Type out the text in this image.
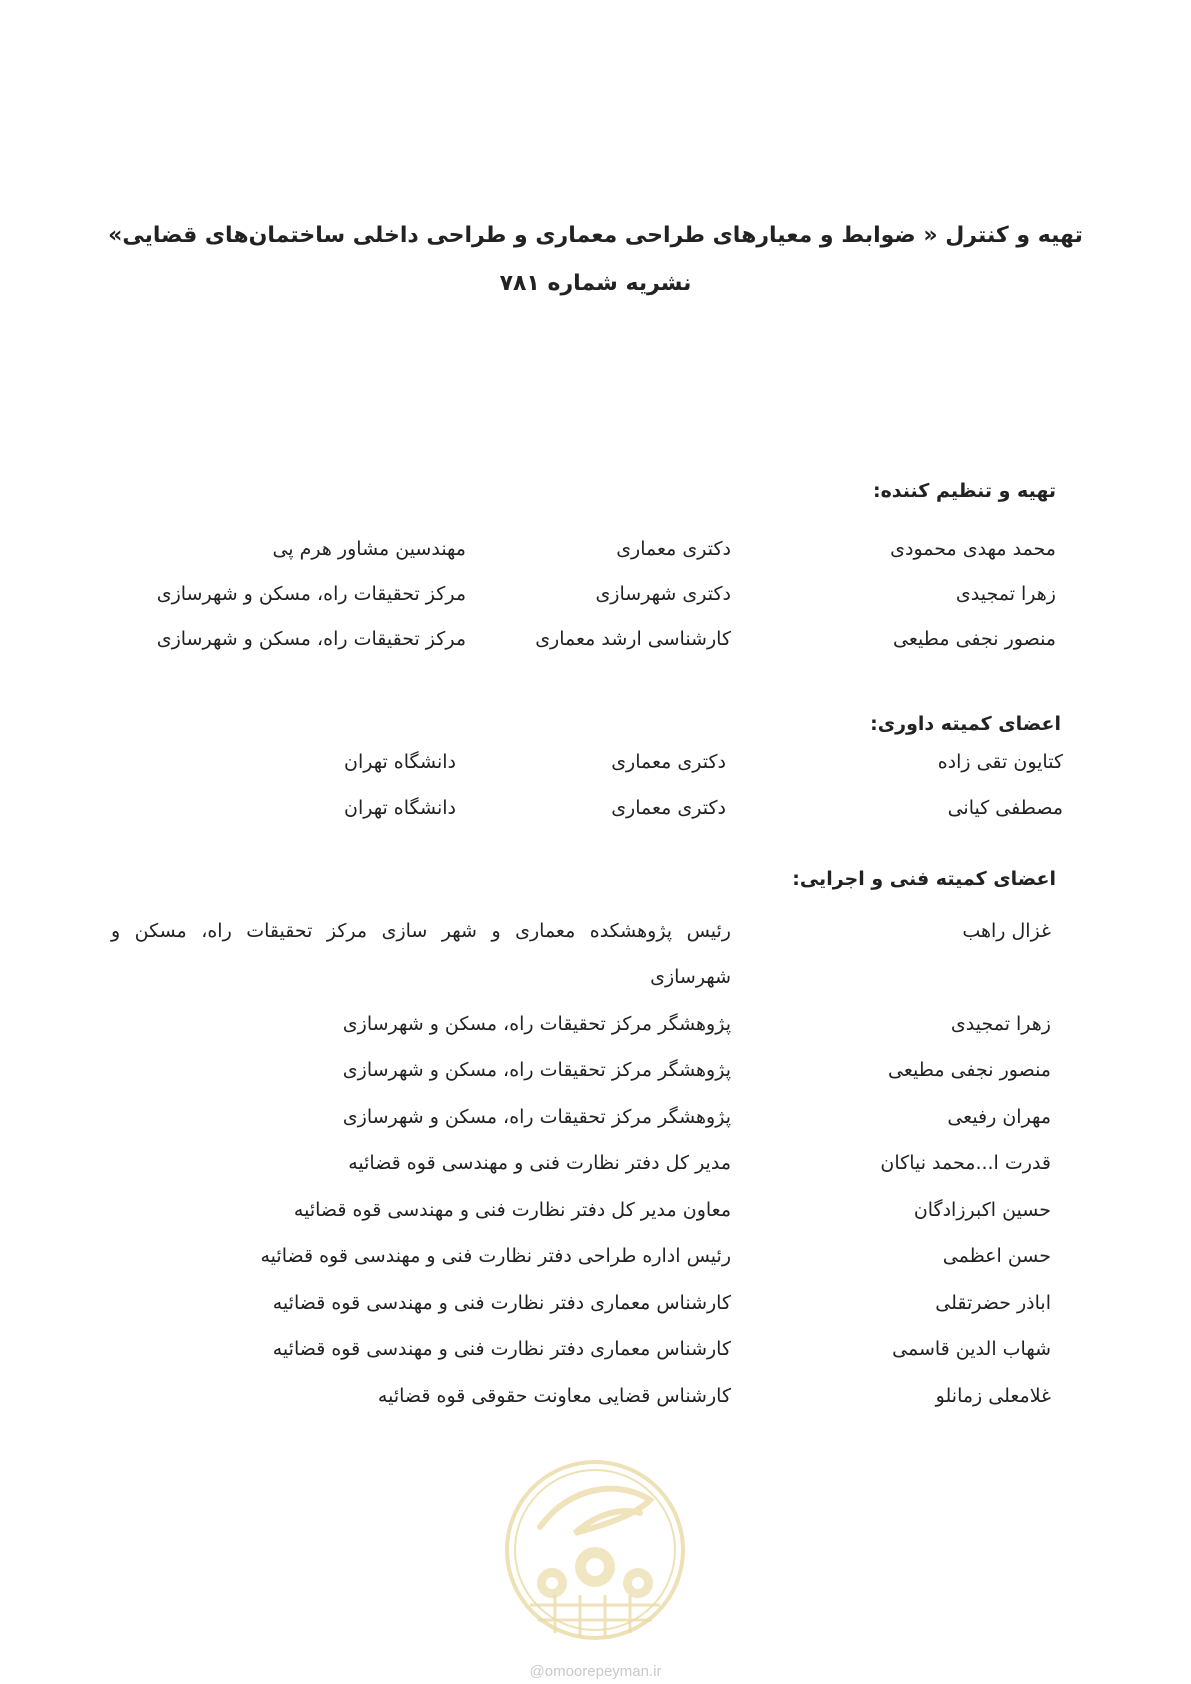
تهیه و کنترل « ضوابط و معیارهای طراحی معماری و طراحی داخلی ساختمان‌های قضایی»
نشریه شماره ۷۸۱
تهیه و تنظیم کننده:
محمد مهدی محمودی
دکتری معماری
مهندسین مشاور هرم پی
زهرا تمجیدی
دکتری شهرسازی
مرکز تحقیقات راه، مسکن و شهرسازی
منصور نجفی مطیعی
کارشناسی ارشد معماری
مرکز تحقیقات راه، مسکن و شهرسازی
اعضای کمیته داوری:
کتایون تقی زاده
دکتری معماری
دانشگاه تهران
مصطفی کیانی
دکتری معماری
دانشگاه تهران
اعضای کمیته فنی و اجرایی:
غزال راهب
رئیس پژوهشکده معماری و شهر سازی مرکز تحقیقات راه، مسکن و شهرسازی
زهرا تمجیدی
پژوهشگر مرکز تحقیقات راه، مسکن و شهرسازی
منصور نجفی مطیعی
پژوهشگر مرکز تحقیقات راه، مسکن و شهرسازی
مهران رفیعی
پژوهشگر مرکز تحقیقات راه، مسکن و شهرسازی
قدرت ا...محمد نیاکان
مدیر کل دفتر نظارت فنی و مهندسی قوه قضائیه
حسین اکبرزادگان
معاون مدیر کل دفتر نظارت فنی و مهندسی قوه قضائیه
حسن اعظمی
رئیس اداره طراحی دفتر نظارت فنی و مهندسی قوه قضائیه
اباذر حضرتقلی
کارشناس معماری دفتر نظارت فنی و مهندسی قوه قضائیه
شهاب الدین قاسمی
کارشناس معماری دفتر نظارت فنی و مهندسی قوه قضائیه
غلامعلی زمانلو
کارشناس قضایی معاونت حقوقی قوه قضائیه
@omoorepeyman.ir
